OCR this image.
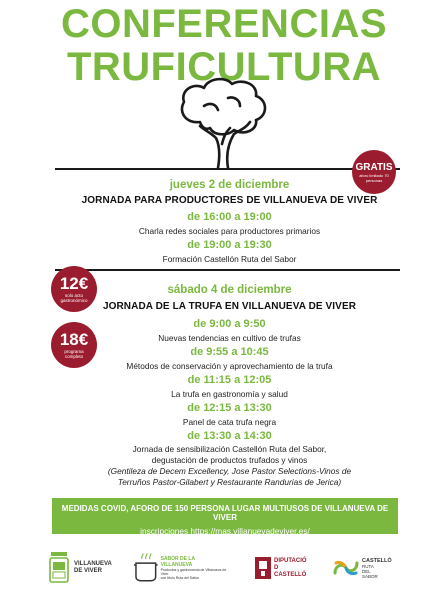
CONFERENCIAS
TRUFICULTURA
GRATIS
aforo limitado 70 personas
jueves 2 de diciembre
JORNADA PARA PRODUCTORES DE VILLANUEVA DE VIVER
de 16:00 a 19:00
Charla redes sociales para productores primarios
de 19:00 a 19:30
Formación Castellón Ruta del Sabor
12€
solo acto gastronómico
18€
programa completo
sábado 4 de diciembre
JORNADA DE LA TRUFA EN VILLANUEVA DE VIVER
de 9:00 a 9:50
Nuevas tendencias en cultivo de trufas
de 9:55 a 10:45
Métodos de conservación y aprovechamiento de la trufa
de 11:15 a 12:05
La trufa en gastronomía y salud
de 12:15 a 13:30
Panel de cata trufa negra
de 13:30 a 14:30
Jornada de sensibilización Castellón Ruta del Sabor,
degustación de productos trufados y vinos
(Gentileza de Decem Excellency, Jose Pastor Selections-Vinos de
Terruños Pastor-Gilabert y Restaurante Randurias de Jerica)
MEDIDAS COVID, AFORO DE 150 PERSONA LUGAR MULTIUSOS DE VILLANUEVA DE VIVER
inscripciones https://mas.villanuevadeviver.es/
VILLANUEVA
DE VIVER
SABOR DE LA
VILLANUEVA
Productos y gastronomía de Villanueva de Viver
con título Ruta del Sabor
DIPUTACIÓ
D
CASTELLÓ
CASTELLÓ
RUTA
DEL
SABOR
